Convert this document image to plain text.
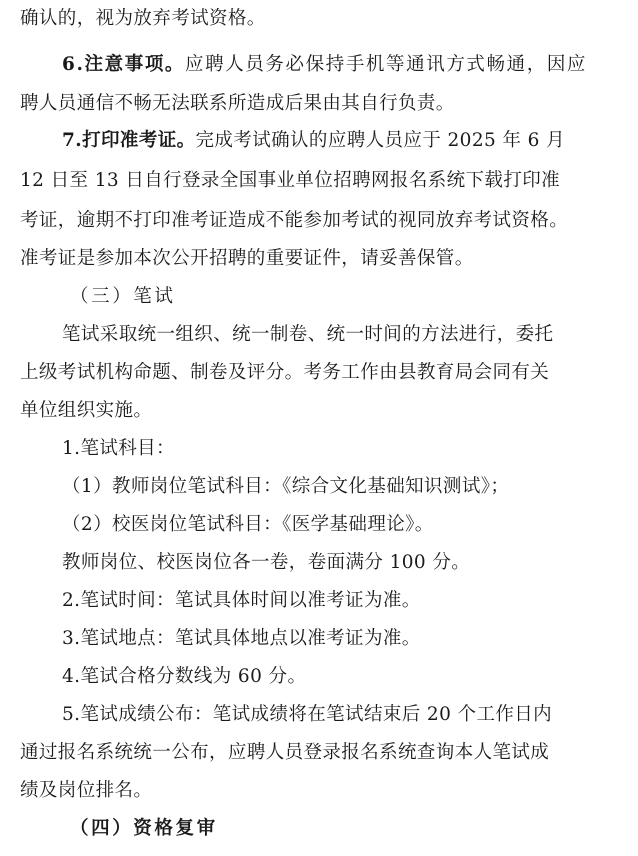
确认的，视为放弃考试资格。
6.注意事项。应聘人员务必保持手机等通讯方式畅通，因应
聘人员通信不畅无法联系所造成后果由其自行负责。
7.打印准考证。完成考试确认的应聘人员应于 2025 年 6 月
12 日至 13 日自行登录全国事业单位招聘网报名系统下载打印准
考证，逾期不打印准考证造成不能参加考试的视同放弃考试资格。
准考证是参加本次公开招聘的重要证件，请妥善保管。
（三）笔试
笔试采取统一组织、统一制卷、统一时间的方法进行，委托
上级考试机构命题、制卷及评分。考务工作由县教育局会同有关
单位组织实施。
1.笔试科目：
（1）教师岗位笔试科目：《综合文化基础知识测试》；
（2）校医岗位笔试科目：《医学基础理论》。
教师岗位、校医岗位各一卷，卷面满分 100 分。
2.笔试时间：笔试具体时间以准考证为准。
3.笔试地点：笔试具体地点以准考证为准。
4.笔试合格分数线为 60 分。
5.笔试成绩公布：笔试成绩将在笔试结束后 20 个工作日内
通过报名系统统一公布，应聘人员登录报名系统查询本人笔试成
绩及岗位排名。
（四）资格复审
